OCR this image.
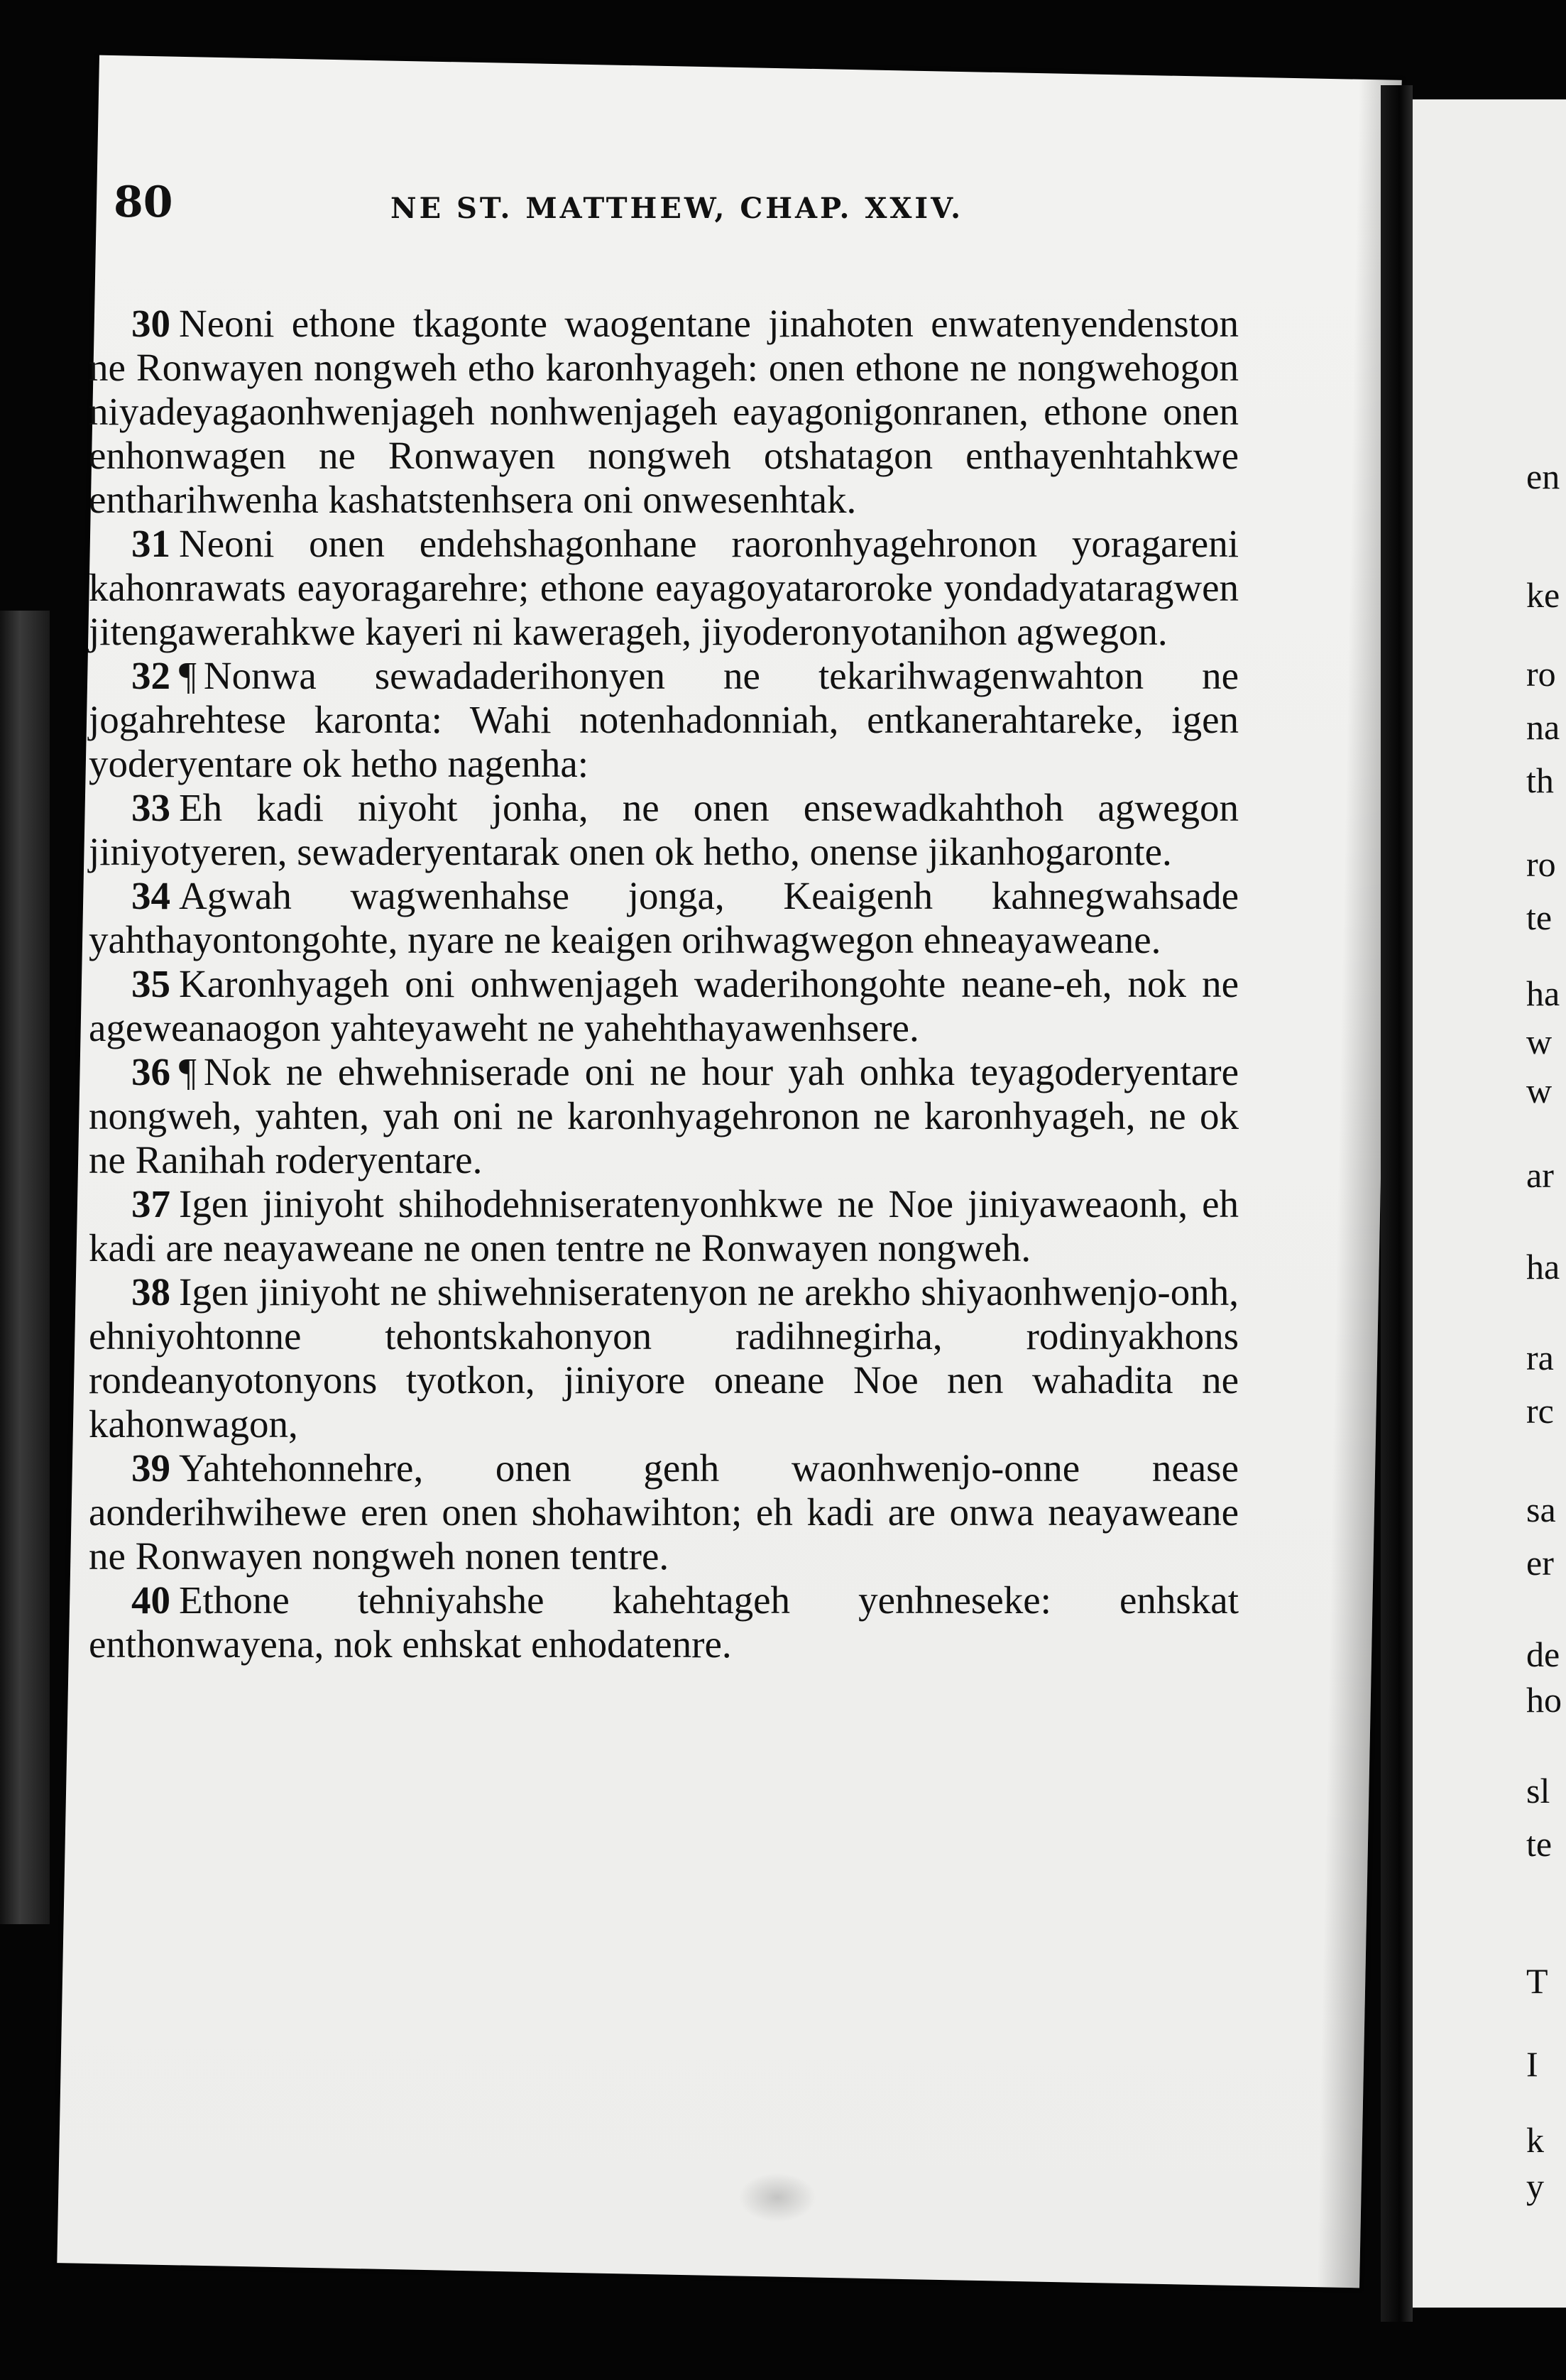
80	NE ST. MATTHEW, CHAP. XXIV.

30 Neoni ethone tkagonte waogentane jinahoten enwatenyendenston ne Ronwayen nongweh etho karonhyageh: onen ethone ne nongwehogon niyadeyagaonhwenjageh nonhwenjageh eayagonigonranen, ethone onen enhonwagen ne Ronwayen nongweh otshatagon enthayenhtahkwe entharihwenha kashatstenhsera oni onwesenhtak.

31 Neoni onen endehshagonhane raoronhyagehronon yoragareni kahonrawats eayoragarehre; ethone eayagoyataroroke yondadyataragwen jitengawerahkwe kayeri ni kawerageh, jiyoderonyotanihon agwegon.

32 ¶ Nonwa sewadaderihonyen ne tekarihwagenwahton ne jogahrehtese karonta: Wahi notenhadonniah, entkanerahtareke, igen yoderyentare ok hetho nagenha:

33 Eh kadi niyoht jonha, ne onen ensewadkahthoh agwegon jiniyotyeren, sewaderyentarak onen ok hetho, onense jikanhogaronte.

34 Agwah wagwenhahse jonga, Keaigenh kahnegwahsade yahthayontongohte, nyare ne keaigen orihwagwegon ehneayaweane.

35 Karonhyageh oni onhwenjageh waderihongohte neane-eh, nok ne ageweanaogon yahteyaweht ne yahehthayawenhsere.

36 ¶ Nok ne ehwehniserade oni ne hour yah onhka teyagoderyentare nongweh, yahten, yah oni ne karonhyagehronon ne karonhyageh, ne ok ne Ranihah roderyentare.

37 Igen jiniyoht shihodehniseratenyonhkwe ne Noe jiniyaweaonh, eh kadi are neayaweane ne onen tentre ne Ronwayen nongweh.

38 Igen jiniyoht ne shiwehniseratenyon ne arekho shiyaonhwenjo-onh, ehniyohtonne tehontskahonyon radihnegirha, rodinyakhons rondeanyotonyons tyotkon, jiniyore oneane Noe nen wahadita ne kahonwagon,

39 Yahtehonnehre, onen genh waonhwenjo-onne nease aonderihwihewe eren onen shohawihton; eh kadi are onwa neayaweane ne Ronwayen nongweh nonen tentre.

40 Ethone tehniyahshe kahehtageh yenhneseke: enhskat enthonwayena, nok enhskat enhodatenre.

en
ke
ro
na
th
ro
te
ha
w
w
ar
ha
ra
rc
sa
er
de
ho
sl
te
T
I
k
y
